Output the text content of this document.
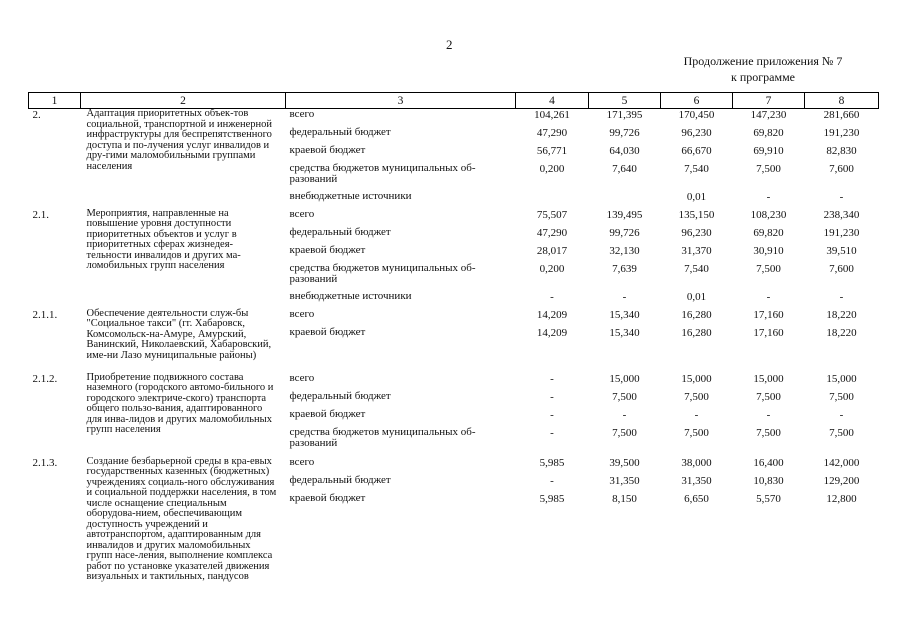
2
Продолжение приложения № 7
к программе
1	2	3	4	5	6	7	8
2.	Адаптация приоритетных объек-тов социальной, транспортной и инженерной инфраструктуры для беспрепятственного доступа и по-лучения услуг инвалидов и дру-гими маломобильными группами населения	всего	104,261	171,395	170,450	147,230	281,660
		федеральный бюджет	47,290	99,726	96,230	69,820	191,230
		краевой бюджет	56,771	64,030	66,670	69,910	82,830
		средства бюджетов муниципальных об-разований	0,200	7,640	7,540	7,500	7,600
		внебюджетные источники			0,01	-	-
2.1.	Мероприятия, направленные на повышение уровня доступности приоритетных объектов и услуг в приоритетных сферах жизнедея-тельности инвалидов и других ма-ломобильных групп населения	всего	75,507	139,495	135,150	108,230	238,340
		федеральный бюджет	47,290	99,726	96,230	69,820	191,230
		краевой бюджет	28,017	32,130	31,370	30,910	39,510
		средства бюджетов муниципальных об-разований	0,200	7,639	7,540	7,500	7,600
		внебюджетные источники	-	-	0,01	-	-
2.1.1.	Обеспечение деятельности служ-бы "Социальное такси" (гг. Хабаровск, Комсомольск-на-Амуре, Амурский, Ванинский, Николаевский, Хабаровский, име-ни Лазо муниципальные районы)	всего	14,209	15,340	16,280	17,160	18,220
		краевой бюджет	14,209	15,340	16,280	17,160	18,220
2.1.2.	Приобретение подвижного состава наземного (городского автомо-бильного и городского электриче-ского) транспорта общего пользо-вания, адаптированного для инва-лидов и других маломобильных групп населения	всего	-	15,000	15,000	15,000	15,000
		федеральный бюджет	-	7,500	7,500	7,500	7,500
		краевой бюджет	-	-	-	-	-
		средства бюджетов муниципальных об-разований	-	7,500	7,500	7,500	7,500
2.1.3.	Создание безбарьерной среды в кра-евых государственных казенных (бюджетных) учреждениях социаль-ного обслуживания и социальной поддержки населения, в том числе оснащение специальным оборудова-нием, обеспечивающим доступность учреждений и автотранспортом, адаптированным для инвалидов и других маломобильных групп насе-ления, выполнение комплекса работ по установке указателей движения визуальных и тактильных, пандусов	всего	5,985	39,500	38,000	16,400	142,000
		федеральный бюджет	-	31,350	31,350	10,830	129,200
		краевой бюджет	5,985	8,150	6,650	5,570	12,800
